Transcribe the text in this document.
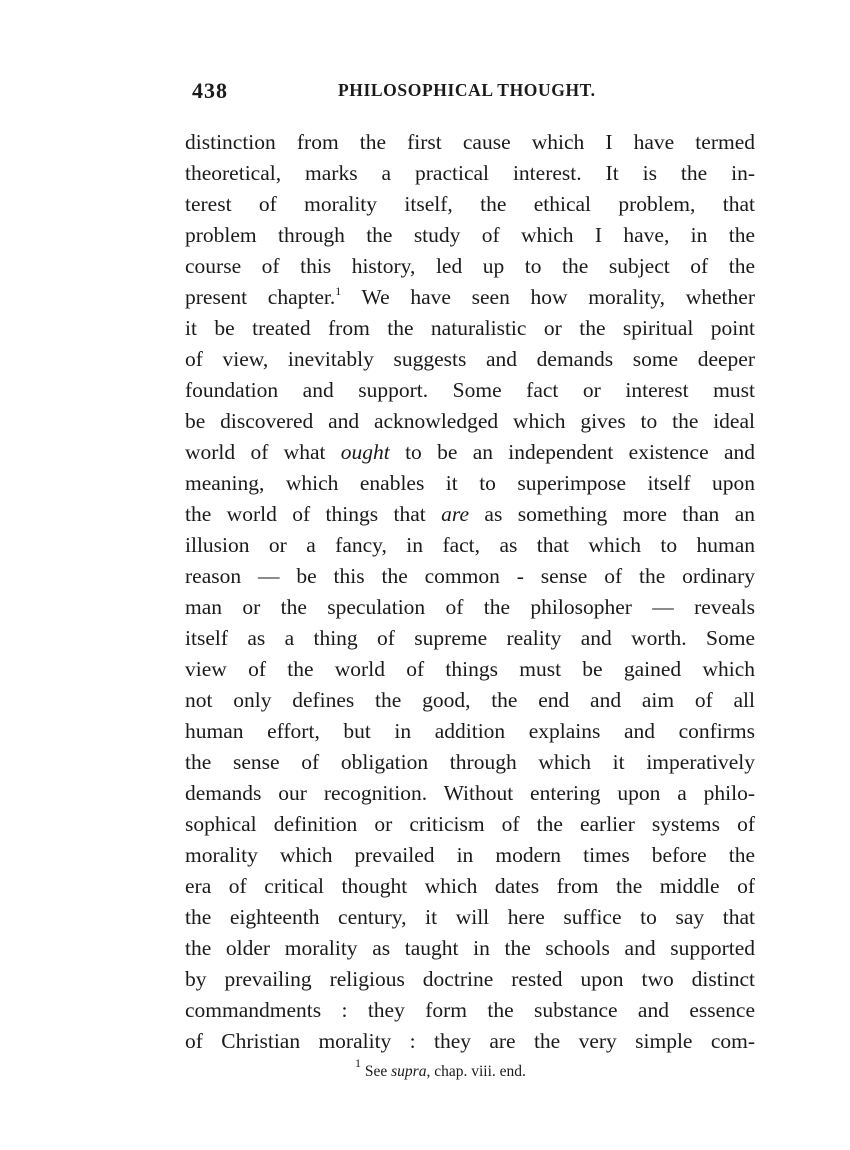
438	PHILOSOPHICAL THOUGHT.
distinction from the first cause which I have termed
theoretical, marks a practical interest. It is the in-
terest of morality itself, the ethical problem, that
problem through the study of which I have, in the
course of this history, led up to the subject of the
present chapter.$^1$ We have seen how morality, whether
it be treated from the naturalistic or the spiritual point
of view, inevitably suggests and demands some deeper
foundation and support. Some fact or interest must
be discovered and acknowledged which gives to the ideal
world of what ought to be an independent existence and
meaning, which enables it to superimpose itself upon
the world of things that are as something more than an
illusion or a fancy, in fact, as that which to human
reason — be this the common - sense of the ordinary
man or the speculation of the philosopher — reveals
itself as a thing of supreme reality and worth. Some
view of the world of things must be gained which
not only defines the good, the end and aim of all
human effort, but in addition explains and confirms
the sense of obligation through which it imperatively
demands our recognition. Without entering upon a philo-
sophical definition or criticism of the earlier systems of
morality which prevailed in modern times before the
era of critical thought which dates from the middle of
the eighteenth century, it will here suffice to say that
the older morality as taught in the schools and supported
by prevailing religious doctrine rested upon two distinct
commandments : they form the substance and essence
of Christian morality : they are the very simple com-
$^1$ See supra, chap. viii. end.
